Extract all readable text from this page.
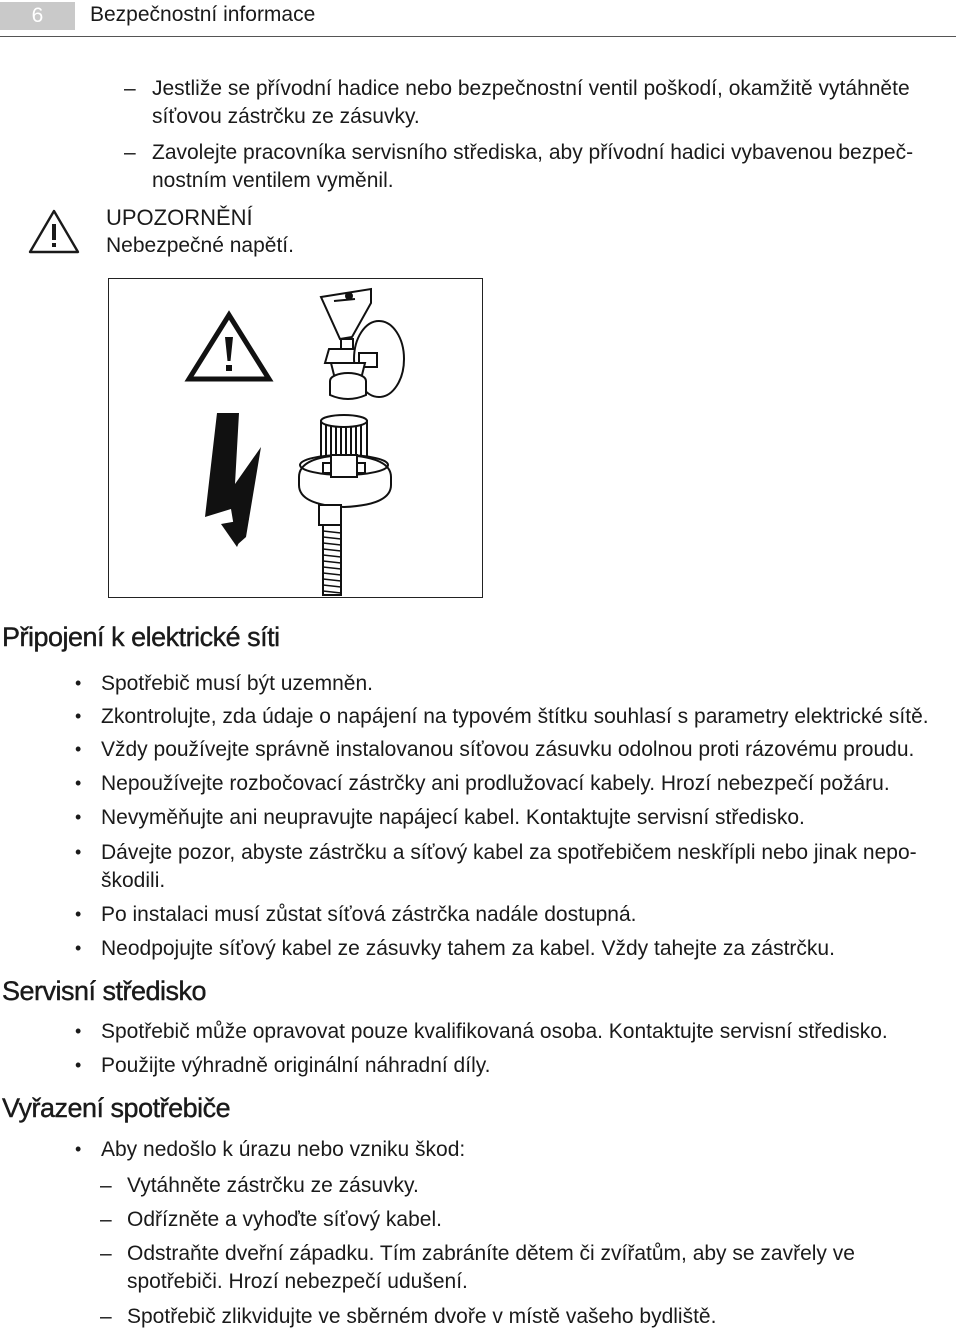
6	Bezpečnostní informace
– Jestliže se přívodní hadice nebo bezpečnostní ventil poškodí, okamžitě vytáhněte
síťovou zástrčku ze zásuvky.
– Zavolejte pracovníka servisního střediska, aby přívodní hadici vybavenou bezpeč-
nostním ventilem vyměnil.
UPOZORNĚNÍ
Nebezpečné napětí.
Připojení k elektrické síti
• Spotřebič musí být uzemněn.
• Zkontrolujte, zda údaje o napájení na typovém štítku souhlasí s parametry elektrické sítě.
• Vždy používejte správně instalovanou síťovou zásuvku odolnou proti rázovému proudu.
• Nepoužívejte rozbočovací zástrčky ani prodlužovací kabely. Hrozí nebezpečí požáru.
• Nevyměňujte ani neupravujte napájecí kabel. Kontaktujte servisní středisko.
• Dávejte pozor, abyste zástrčku a síťový kabel za spotřebičem neskřípli nebo jinak nepo-
škodili.
• Po instalaci musí zůstat síťová zástrčka nadále dostupná.
• Neodpojujte síťový kabel ze zásuvky tahem za kabel. Vždy tahejte za zástrčku.
Servisní středisko
• Spotřebič může opravovat pouze kvalifikovaná osoba. Kontaktujte servisní středisko.
• Použijte výhradně originální náhradní díly.
Vyřazení spotřebiče
• Aby nedošlo k úrazu nebo vzniku škod:
– Vytáhněte zástrčku ze zásuvky.
– Odřízněte a vyhoďte síťový kabel.
– Odstraňte dveřní západku. Tím zabráníte dětem či zvířatům, aby se zavřely ve
spotřebiči. Hrozí nebezpečí udušení.
– Spotřebič zlikvidujte ve sběrném dvoře v místě vašeho bydliště.
